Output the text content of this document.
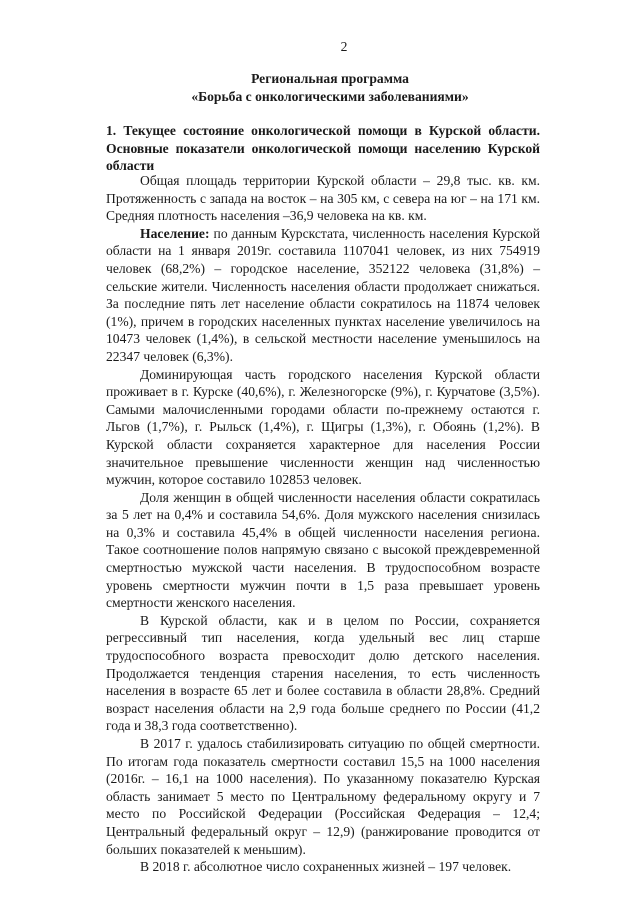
2
Региональная программа
«Борьба с онкологическими заболеваниями»
1. Текущее состояние онкологической помощи в Курской области. Основные показатели онкологической помощи населению Курской области

Общая площадь территории Курской области – 29,8 тыс. кв. км. Протяженность с запада на восток – на 305 км, с севера на юг – на 171 км. Средняя плотность населения –36,9 человека на кв. км.

Население: по данным Курскстата, численность населения Курской области на 1 января 2019г. составила 1107041 человек, из них 754919 человек (68,2%) – городское население, 352122 человека (31,8%) – сельские жители. Численность населения области продолжает снижаться. За последние пять лет население области сократилось на 11874 человек (1%), причем в городских населенных пунктах население увеличилось на 10473 человек (1,4%), в сельской местности население уменьшилось на 22347 человек (6,3%).

Доминирующая часть городского населения Курской области проживает в г. Курске (40,6%), г. Железногорске (9%), г. Курчатове (3,5%). Самыми малочисленными городами области по-прежнему остаются г. Льгов (1,7%), г. Рыльск (1,4%), г. Щигры (1,3%), г. Обоянь (1,2%). В Курской области сохраняется характерное для населения России значительное превышение численности женщин над численностью мужчин, которое составило 102853 человек.

Доля женщин в общей численности населения области сократилась за 5 лет на 0,4% и составила 54,6%. Доля мужского населения снизилась на 0,3% и составила 45,4% в общей численности населения региона. Такое соотношение полов напрямую связано с высокой преждевременной смертностью мужской части населения. В трудоспособном возрасте уровень смертности мужчин почти в 1,5 раза превышает уровень смертности женского населения.

В Курской области, как и в целом по России, сохраняется регрессивный тип населения, когда удельный вес лиц старше трудоспособного возраста превосходит долю детского населения. Продолжается тенденция старения населения, то есть численность населения в возрасте 65 лет и более составила в области 28,8%. Средний возраст населения области на 2,9 года больше среднего по России (41,2 года и 38,3 года соответственно).

В 2017 г. удалось стабилизировать ситуацию по общей смертности. По итогам года показатель смертности составил 15,5 на 1000 населения (2016г. – 16,1 на 1000 населения). По указанному показателю Курская область занимает 5 место по Центральному федеральному округу и 7 место по Российской Федерации (Российская Федерация – 12,4; Центральный федеральный округ – 12,9) (ранжирование проводится от больших показателей к меньшим).

В 2018 г. абсолютное число сохраненных жизней – 197 человек.
